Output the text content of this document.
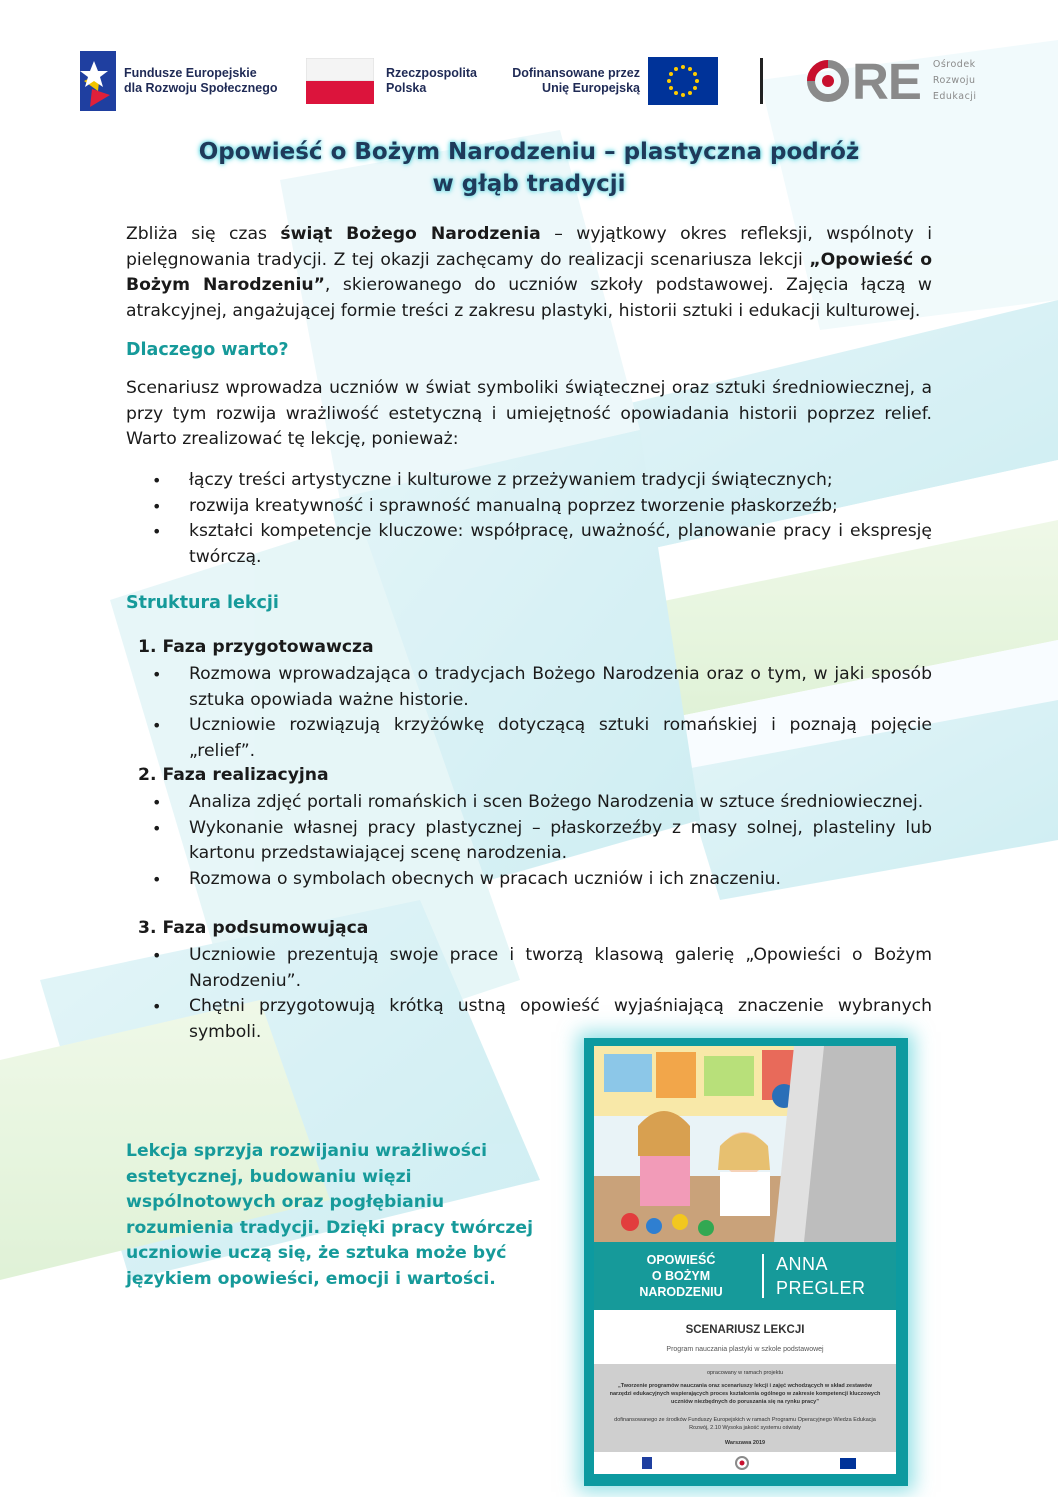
Fundusze Europejskie
dla Rozwoju Społecznego
Rzeczpospolita
Polska
Dofinansowane przez
Unię Europejską	RE Ośrodek
Rozwoju
Edukacji
Opowieść o Bożym Narodzeniu – plastyczna podróż
w głąb tradycji
Zbliża się czas świąt Bożego Narodzenia – wyjątkowy okres refleksji, wspólnoty i pielęgnowania tradycji. Z tej okazji zachęcamy do realizacji scenariusza lekcji „Opowieść o Bożym Narodzeniu”, skierowanego do uczniów szkoły podstawowej. Zajęcia łączą w atrakcyjnej, angażującej formie treści z zakresu plastyki, historii sztuki i edukacji kulturowej.
Dlaczego warto?
Scenariusz wprowadza uczniów w świat symboliki świątecznej oraz sztuki średniowiecznej, a przy tym rozwija wrażliwość estetyczną i umiejętność opowiadania historii poprzez relief. Warto zrealizować tę lekcję, ponieważ:
• łączy treści artystyczne i kulturowe z przeżywaniem tradycji świątecznych;
• rozwija kreatywność i sprawność manualną poprzez tworzenie płaskorzeźb;
• kształci kompetencje kluczowe: współpracę, uważność, planowanie pracy i ekspresję twórczą.
Struktura lekcji
1. Faza przygotowawcza
• Rozmowa wprowadzająca o tradycjach Bożego Narodzenia oraz o tym, w jaki sposób sztuka opowiada ważne historie.
• Uczniowie rozwiązują krzyżówkę dotyczącą sztuki romańskiej i poznają pojęcie „relief”.
2. Faza realizacyjna
• Analiza zdjęć portali romańskich i scen Bożego Narodzenia w sztuce średniowiecznej.
• Wykonanie własnej pracy plastycznej – płaskorzeźby z masy solnej, plasteliny lub kartonu przedstawiającej scenę narodzenia.
• Rozmowa o symbolach obecnych w pracach uczniów i ich znaczeniu.
3. Faza podsumowująca
• Uczniowie prezentują swoje prace i tworzą klasową galerię „Opowieści o Bożym Narodzeniu”.
• Chętni przygotowują krótką ustną opowieść wyjaśniającą znaczenie wybranych symboli.
Lekcja sprzyja rozwijaniu wrażliwości estetycznej, budowaniu więzi wspólnotowych oraz pogłębianiu rozumienia tradycji. Dzięki pracy twórczej uczniowie uczą się, że sztuka może być językiem opowieści, emocji i wartości.
OPOWIEŚĆ
O BOŻYM
NARODZENIU
ANNA
PREGLER
SCENARIUSZ LEKCJI
Program nauczania plastyki w szkole podstawowej
opracowany w ramach projektu
„Tworzenie programów nauczania oraz scenariuszy lekcji i zajęć wchodzących w skład zestawów narzędzi edukacyjnych wspierających proces kształcenia ogólnego w zakresie kompetencji kluczowych uczniów niezbędnych do poruszania się na rynku pracy”
dofinansowanego ze środków Funduszy Europejskich w ramach Programu Operacyjnego Wiedza Edukacja Rozwój, 2.10 Wysoka jakość systemu oświaty
Warszawa 2019
